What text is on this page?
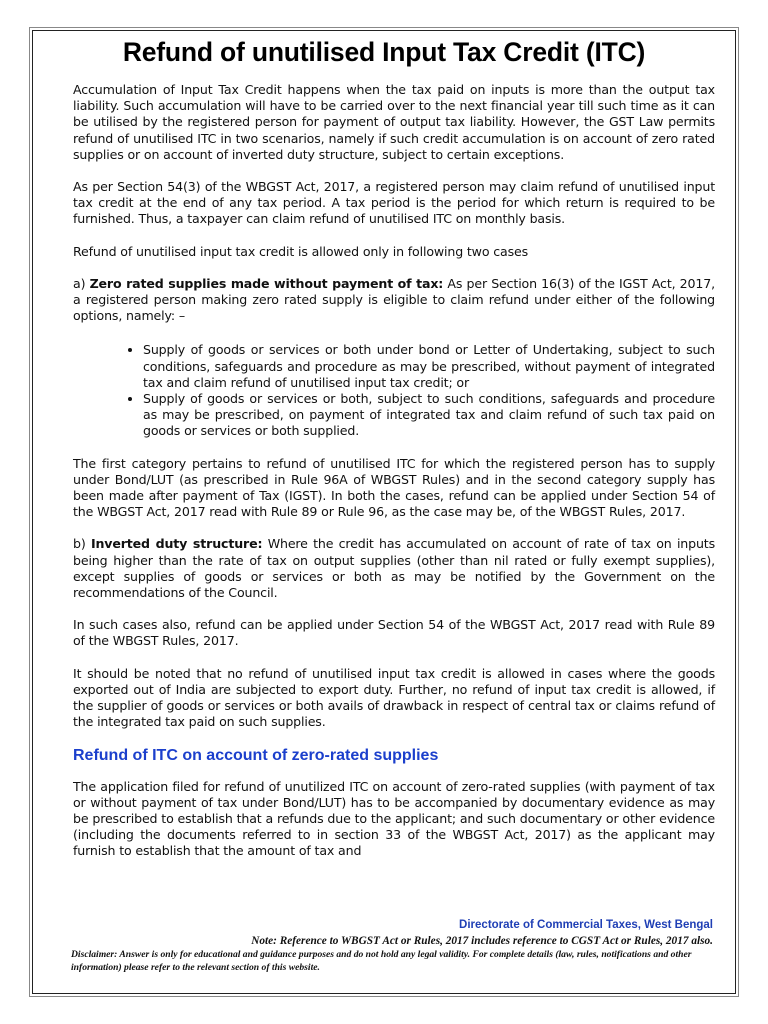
Refund of unutilised Input Tax Credit (ITC)

Accumulation of Input Tax Credit happens when the tax paid on inputs is more than the output tax liability. Such accumulation will have to be carried over to the next financial year till such time as it can be utilised by the registered person for payment of output tax liability. However, the GST Law permits refund of unutilised ITC in two scenarios, namely if such credit accumulation is on account of zero rated supplies or on account of inverted duty structure, subject to certain exceptions.

As per Section 54(3) of the WBGST Act, 2017, a registered person may claim refund of unutilised input tax credit at the end of any tax period. A tax period is the period for which return is required to be furnished. Thus, a taxpayer can claim refund of unutilised ITC on monthly basis.

Refund of unutilised input tax credit is allowed only in following two cases

a) Zero rated supplies made without payment of tax: As per Section 16(3) of the IGST Act, 2017, a registered person making zero rated supply is eligible to claim refund under either of the following options, namely: –

• Supply of goods or services or both under bond or Letter of Undertaking, subject to such conditions, safeguards and procedure as may be prescribed, without payment of integrated tax and claim refund of unutilised input tax credit; or
• Supply of goods or services or both, subject to such conditions, safeguards and procedure as may be prescribed, on payment of integrated tax and claim refund of such tax paid on goods or services or both supplied.

The first category pertains to refund of unutilised ITC for which the registered person has to supply under Bond/LUT (as prescribed in Rule 96A of WBGST Rules) and in the second category supply has been made after payment of Tax (IGST). In both the cases, refund can be applied under Section 54 of the WBGST Act, 2017 read with Rule 89 or Rule 96, as the case may be, of the WBGST Rules, 2017.

b) Inverted duty structure: Where the credit has accumulated on account of rate of tax on inputs being higher than the rate of tax on output supplies (other than nil rated or fully exempt supplies), except supplies of goods or services or both as may be notified by the Government on the recommendations of the Council.

In such cases also, refund can be applied under Section 54 of the WBGST Act, 2017 read with Rule 89 of the WBGST Rules, 2017.

It should be noted that no refund of unutilised input tax credit is allowed in cases where the goods exported out of India are subjected to export duty. Further, no refund of input tax credit is allowed, if the supplier of goods or services or both avails of drawback in respect of central tax or claims refund of the integrated tax paid on such supplies.

Refund of ITC on account of zero-rated supplies

The application filed for refund of unutilized ITC on account of zero-rated supplies (with payment of tax or without payment of tax under Bond/LUT) has to be accompanied by documentary evidence as may be prescribed to establish that a refunds due to the applicant; and such documentary or other evidence (including the documents referred to in section 33 of the WBGST Act, 2017) as the applicant may furnish to establish that the amount of tax and

Directorate of Commercial Taxes, West Bengal
Note: Reference to WBGST Act or Rules, 2017 includes reference to CGST Act or Rules, 2017 also.
Disclaimer: Answer is only for educational and guidance purposes and do not hold any legal validity. For complete details (law, rules, notifications and other information) please refer to the relevant section of this website.
